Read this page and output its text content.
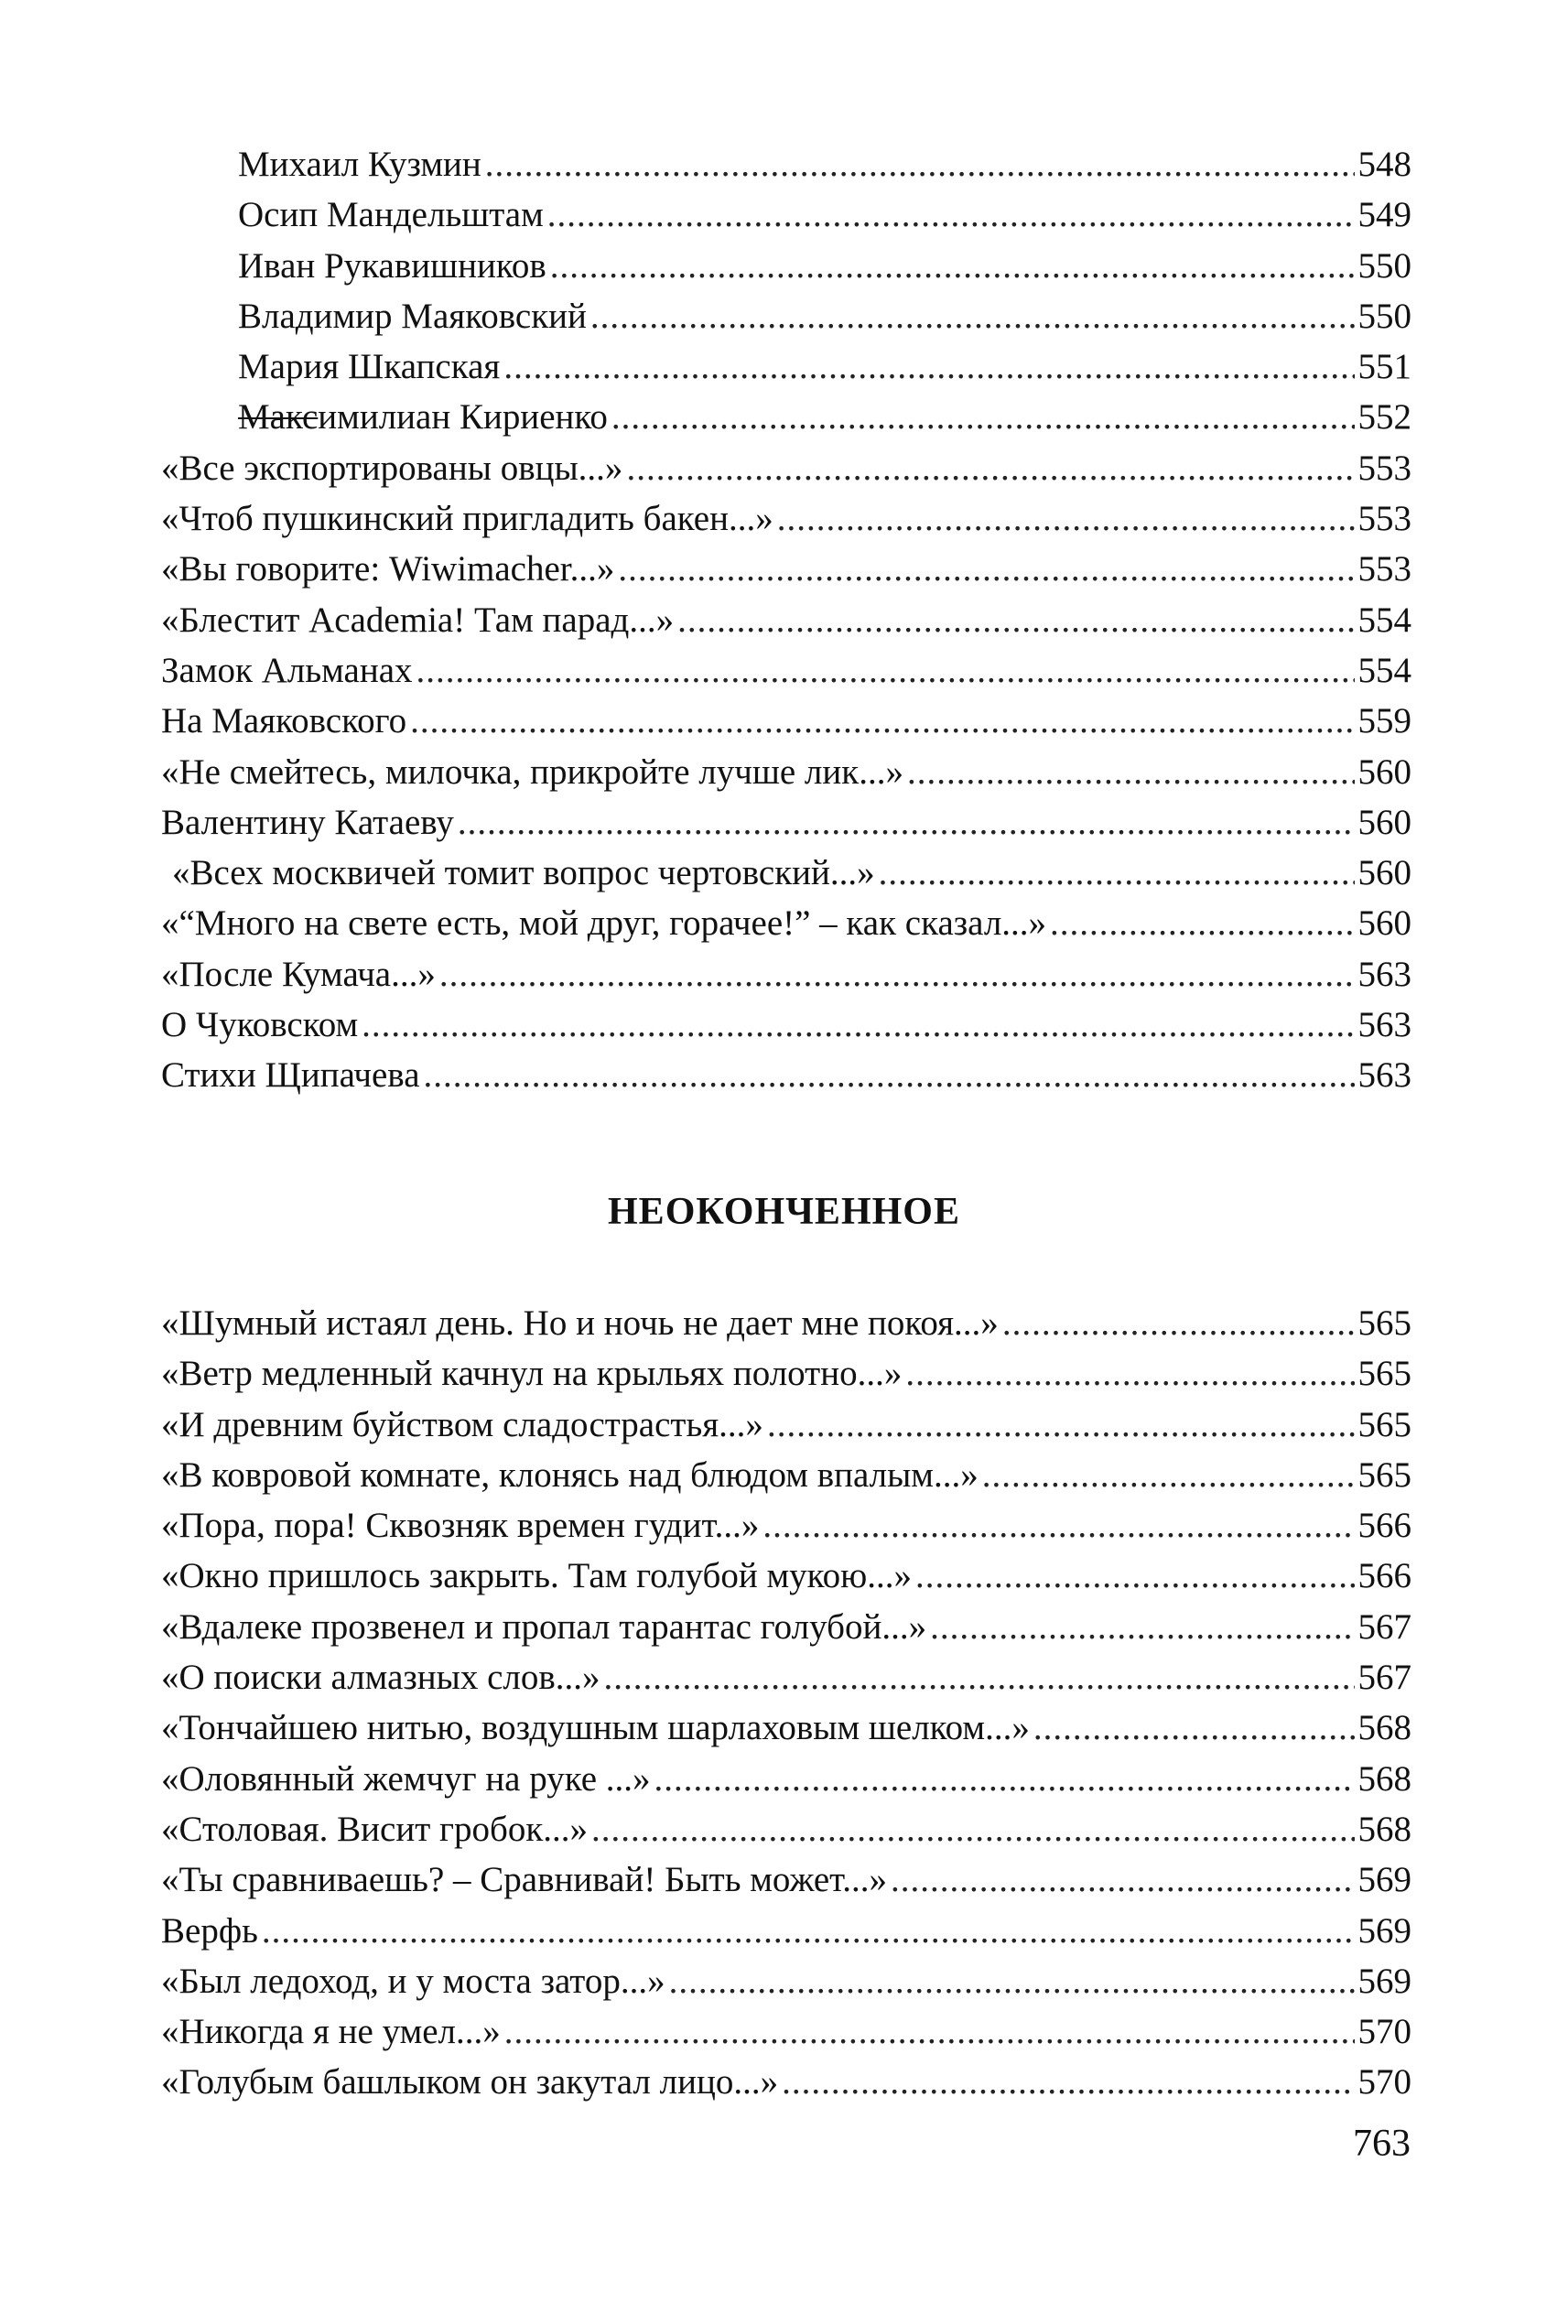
Михаил Кузмин .....	548
Осип Мандельштам .....	549
Иван Рукавишников .....	550
Владимир Маяковский .....	550
Мария Шкапская .....	551
Максимилиан Кириенко .....	552
«Все экспортированы овцы...» .....	553
«Чтоб пушкинский пригладить бакен...» .....	553
«Вы говорите: Wiwimacher...» .....	553
«Блестит Academia! Там парад...» .....	554
Замок Альманах .....	554
На Маяковского .....	559
«Не смейтесь, милочка, прикройте лучше лик...» .....	560
Валентину Катаеву .....	560
«Всех москвичей томит вопрос чертовский...» .....	560
«“Много на свете есть, мой друг, горачее!” – как сказал...» .....	560
«После Кумача...» .....	563
О Чуковском .....	563
Стихи Щипачева .....	563
НЕОКОНЧЕННОЕ
«Шумный истаял день. Но и ночь не дает мне покоя...» .....	565
«Ветр медленный качнул на крыльях полотно...» .....	565
«И древним буйством сладострастья...» .....	565
«В ковровой комнате, клонясь над блюдом впалым...» .....	565
«Пора, пора! Сквозняк времен гудит...» .....	566
«Окно пришлось закрыть. Там голубой мукою...» .....	566
«Вдалеке прозвенел и пропал тарантас голубой...» .....	567
«О поиски алмазных слов...» .....	567
«Тончайшею нитью, воздушным шарлаховым шелком...» .....	568
«Оловянный жемчуг на руке ...» .....	568
«Столовая. Висит гробок...» .....	568
«Ты сравниваешь? – Сравнивай! Быть может...» .....	569
Верфь .....	569
«Был ледоход, и у моста затор...» .....	569
«Никогда я не умел...» .....	570
«Голубым башлыком он закутал лицо...» .....	570
763
